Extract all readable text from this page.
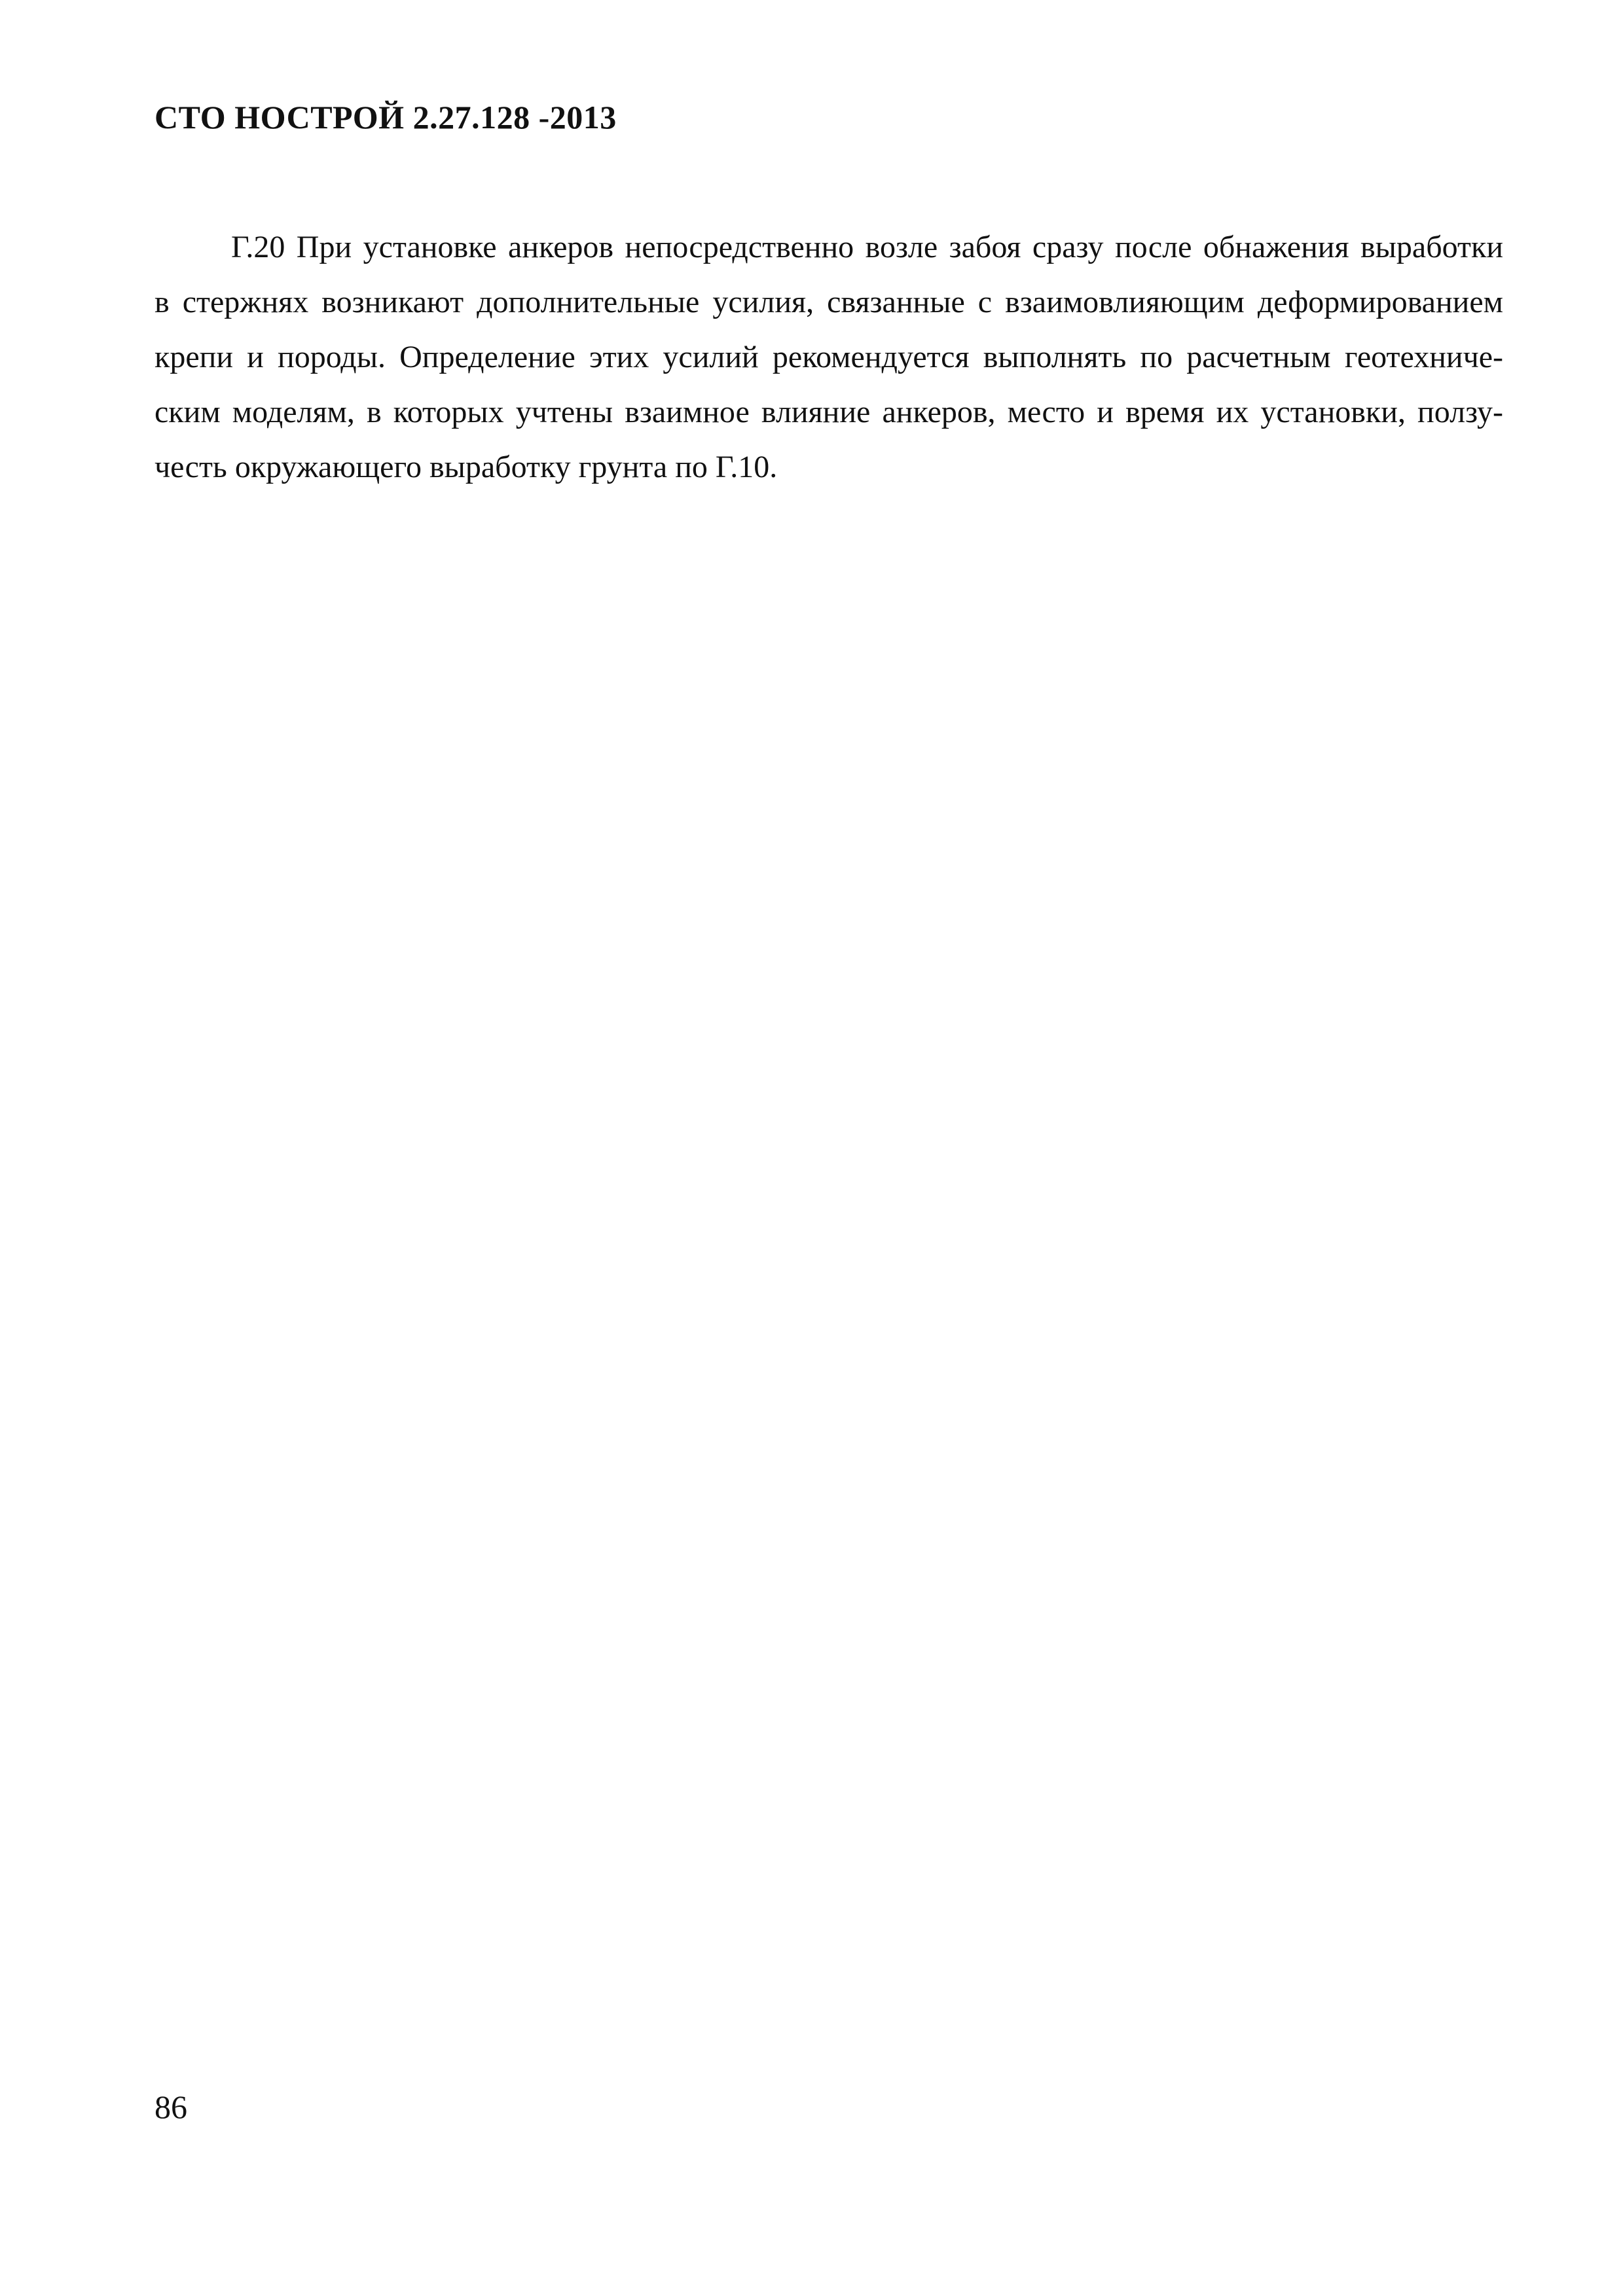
СТО НОСТРОЙ 2.27.128 -2013
Г.20 При установке анкеров непосредственно возле забоя сразу после обнажения выработки
в стержнях возникают дополнительные усилия, связанные с взаимовлияющим деформированием
крепи и породы. Определение этих усилий рекомендуется выполнять по расчетным геотехниче-
ским моделям, в которых учтены взаимное влияние анкеров, место и время их установки, ползу-
честь окружающего выработку грунта по Г.10.
86
